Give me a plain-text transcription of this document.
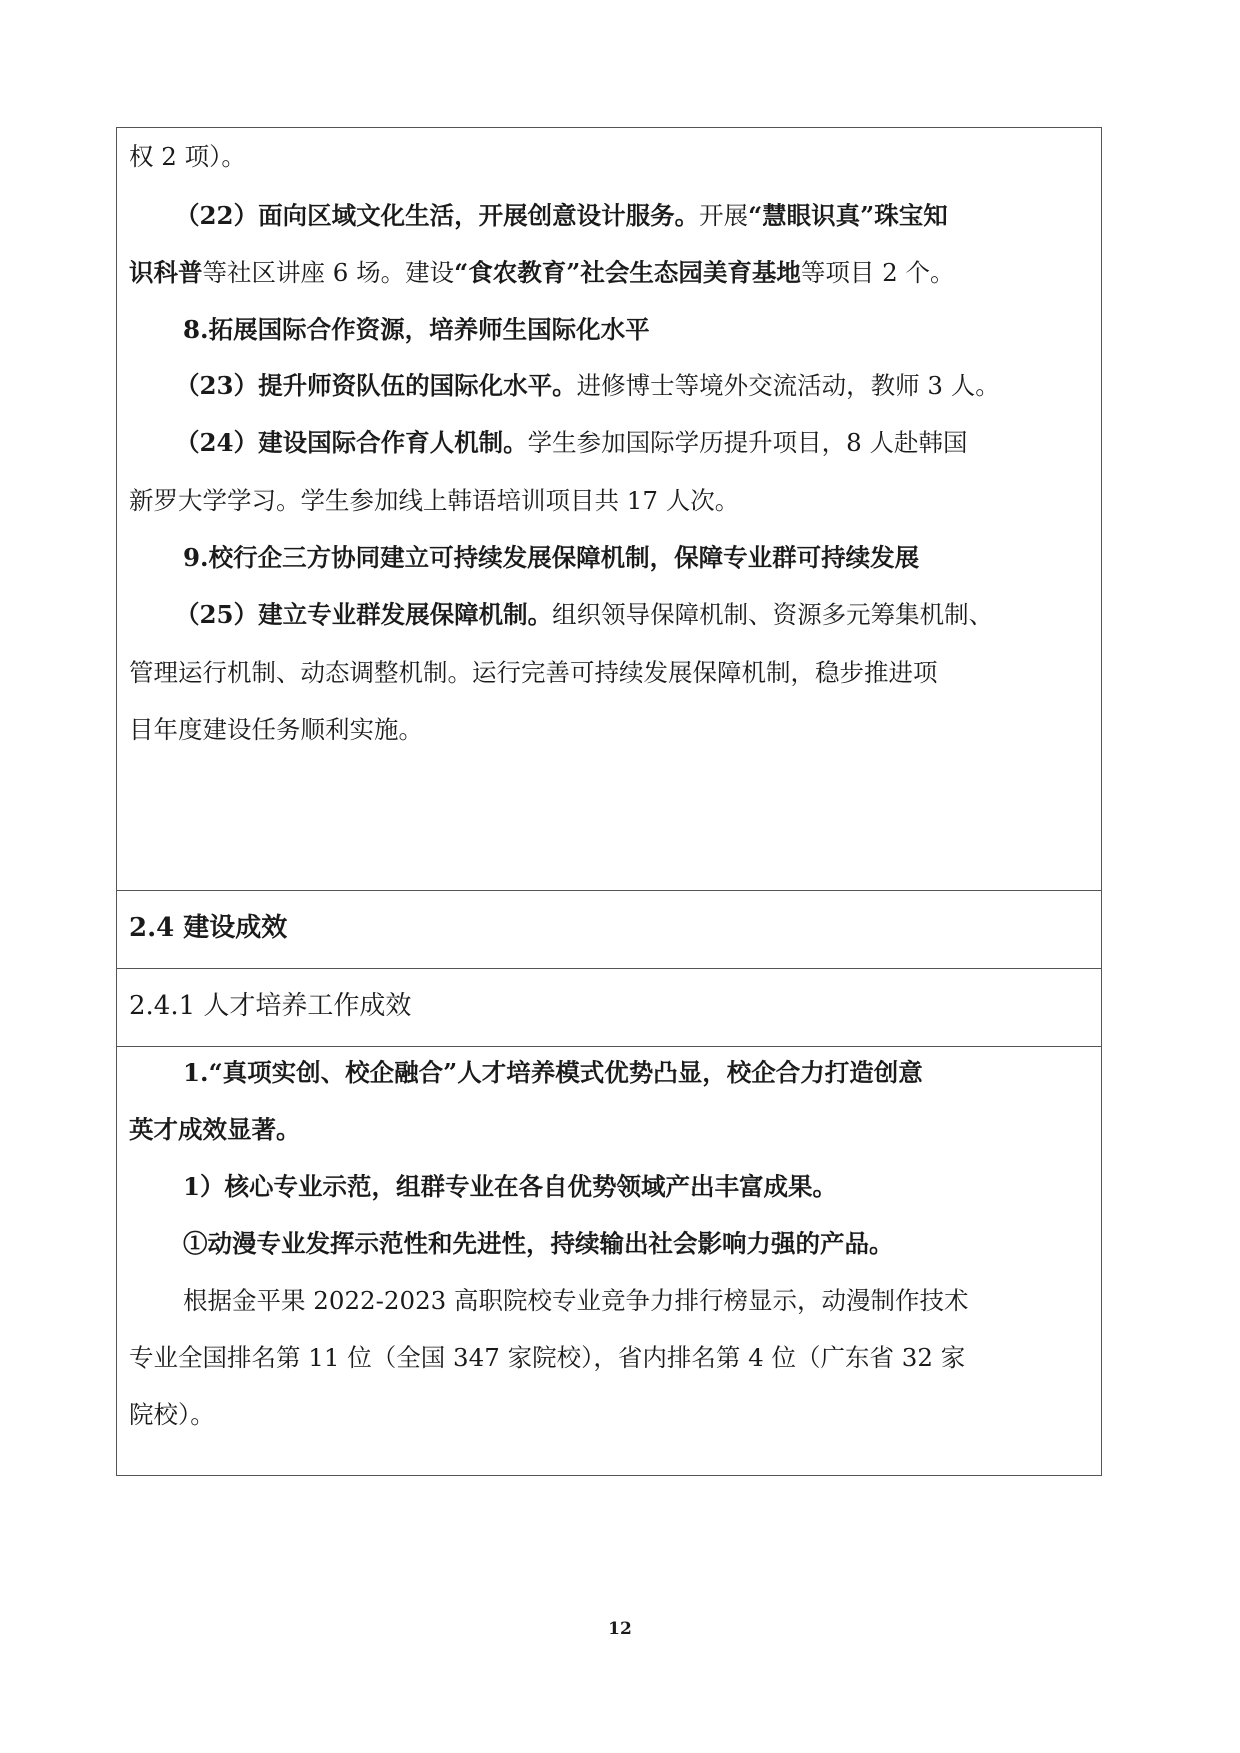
权 2 项）。
（22）面向区域文化生活，开展创意设计服务。开展“慧眼识真”珠宝知
识科普等社区讲座 6 场。建设“食农教育”社会生态园美育基地等项目 2 个。
8.拓展国际合作资源，培养师生国际化水平
（23）提升师资队伍的国际化水平。进修博士等境外交流活动，教师 3 人。
（24）建设国际合作育人机制。学生参加国际学历提升项目，8 人赴韩国
新罗大学学习。学生参加线上韩语培训项目共 17 人次。
9.校行企三方协同建立可持续发展保障机制，保障专业群可持续发展
（25）建立专业群发展保障机制。组织领导保障机制、资源多元筹集机制、
管理运行机制、动态调整机制。运行完善可持续发展保障机制，稳步推进项
目年度建设任务顺利实施。
2.4 建设成效
2.4.1 人才培养工作成效
1.“真项实创、校企融合”人才培养模式优势凸显，校企合力打造创意
英才成效显著。
1）核心专业示范，组群专业在各自优势领域产出丰富成果。
①动漫专业发挥示范性和先进性，持续输出社会影响力强的产品。
根据金平果 2022-2023 高职院校专业竞争力排行榜显示，动漫制作技术
专业全国排名第 11 位（全国 347 家院校），省内排名第 4 位（广东省 32 家
院校）。
12
